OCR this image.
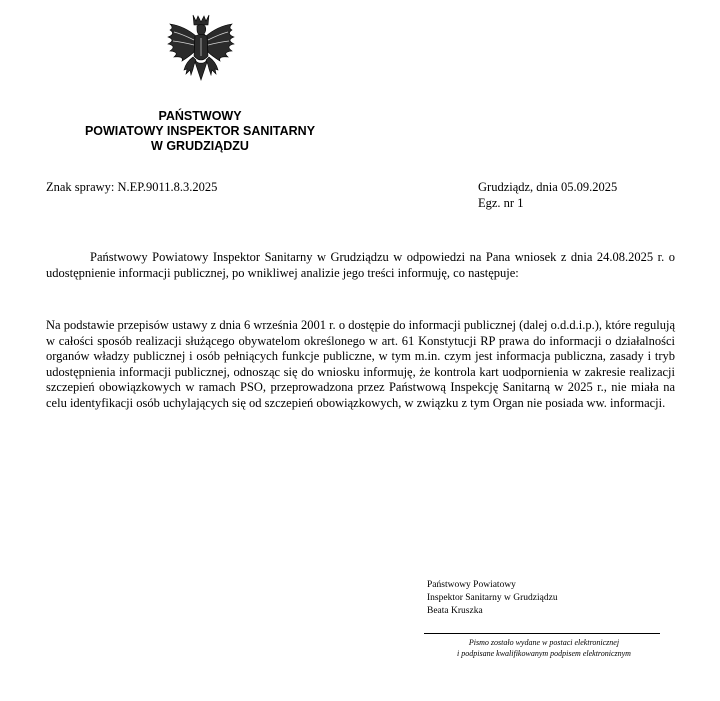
PAŃSTWOWY
POWIATOWY INSPEKTOR SANITARNY
W GRUDZIĄDZU
Znak sprawy: N.EP.9011.8.3.2025	Grudziądz, dnia 05.09.2025
Egz. nr 1
Państwowy Powiatowy Inspektor Sanitarny w Grudziądzu w odpowiedzi na Pana wniosek z dnia 24.08.2025 r. o udostępnienie informacji publicznej, po wnikliwej analizie jego treści informuję, co następuje:
Na podstawie przepisów ustawy z dnia 6 września 2001 r. o dostępie do informacji publicznej (dalej o.d.d.i.p.), które regulują w całości sposób realizacji służącego obywatelom określonego w art. 61 Konstytucji RP prawa do informacji o działalności organów władzy publicznej i osób pełniących funkcje publiczne, w tym m.in. czym jest informacja publiczna, zasady i tryb udostępnienia informacji publicznej, odnosząc się do wniosku informuję, że kontrola kart uodpornienia w zakresie realizacji szczepień obowiązkowych w ramach PSO, przeprowadzona przez Państwową Inspekcję Sanitarną w 2025 r., nie miała na celu identyfikacji osób uchylających się od szczepień obowiązkowych, w związku z tym Organ nie posiada ww. informacji.
Państwowy Powiatowy
Inspektor Sanitarny w Grudziądzu
Beata Kruszka
Pismo zostało wydane w postaci elektronicznej
i podpisane kwalifikowanym podpisem elektronicznym
